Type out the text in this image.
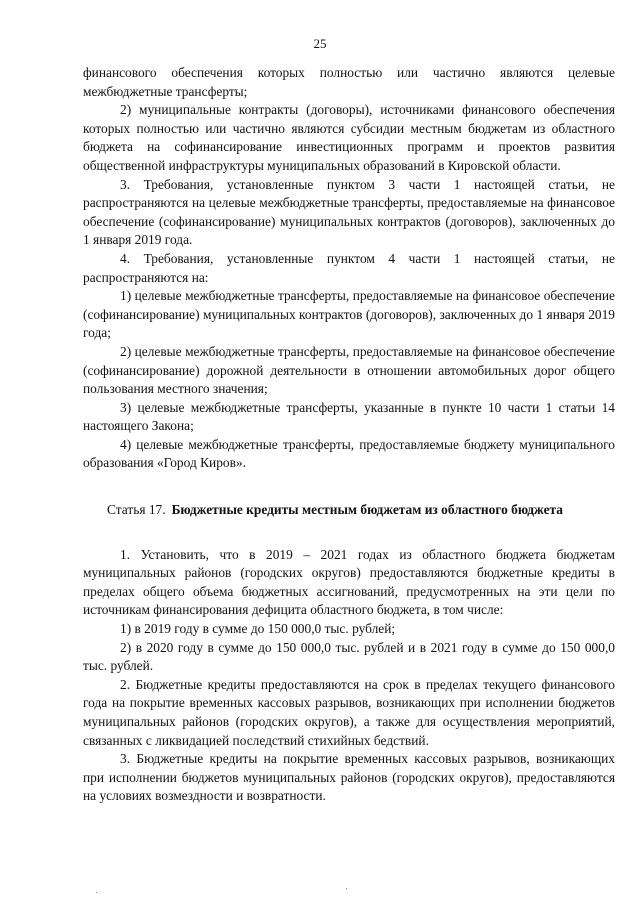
25

финансового обеспечения которых полностью или частично являются целевые межбюджетные трансферты;

2) муниципальные контракты (договоры), источниками финансового обеспечения которых полностью или частично являются субсидии местным бюджетам из областного бюджета на софинансирование инвестиционных программ и проектов развития общественной инфраструктуры муниципальных образований в Кировской области.

3. Требования, установленные пунктом 3 части 1 настоящей статьи, не распространяются на целевые межбюджетные трансферты, предоставляемые на финансовое обеспечение (софинансирование) муниципальных контрактов (договоров), заключенных до 1 января 2019 года.

4. Требования, установленные пунктом 4 части 1 настоящей статьи, не распространяются на:

1) целевые межбюджетные трансферты, предоставляемые на финансовое обеспечение (софинансирование) муниципальных контрактов (договоров), заключенных до 1 января 2019 года;

2) целевые межбюджетные трансферты, предоставляемые на финансовое обеспечение (софинансирование) дорожной деятельности в отношении автомобильных дорог общего пользования местного значения;

3) целевые межбюджетные трансферты, указанные в пункте 10 части 1 статьи 14 настоящего Закона;

4) целевые межбюджетные трансферты, предоставляемые бюджету муниципального образования «Город Киров».

Статья 17. Бюджетные кредиты местным бюджетам из областного бюджета

1. Установить, что в 2019 – 2021 годах из областного бюджета бюджетам муниципальных районов (городских округов) предоставляются бюджетные кредиты в пределах общего объема бюджетных ассигнований, предусмотренных на эти цели по источникам финансирования дефицита областного бюджета, в том числе:

1) в 2019 году в сумме до 150 000,0 тыс. рублей;

2) в 2020 году в сумме до 150 000,0 тыс. рублей и в 2021 году в сумме до 150 000,0 тыс. рублей.

2. Бюджетные кредиты предоставляются на срок в пределах текущего финансового года на покрытие временных кассовых разрывов, возникающих при исполнении бюджетов муниципальных районов (городских округов), а также для осуществления мероприятий, связанных с ликвидацией последствий стихийных бедствий.

3. Бюджетные кредиты на покрытие временных кассовых разрывов, возникающих при исполнении бюджетов муниципальных районов (городских округов), предоставляются на условиях возмездности и возвратности.
